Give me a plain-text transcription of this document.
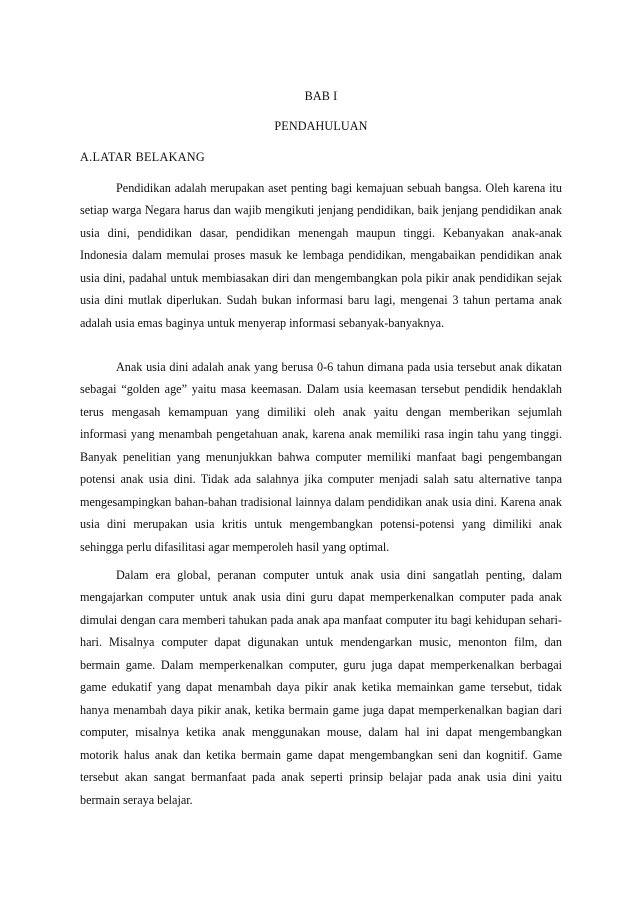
BAB I
PENDAHULUAN
A.LATAR BELAKANG

Pendidikan adalah merupakan aset penting bagi kemajuan sebuah bangsa. Oleh karena itu setiap warga Negara harus dan wajib mengikuti jenjang pendidikan, baik jenjang pendidikan anak usia dini, pendidikan dasar, pendidikan menengah maupun tinggi. Kebanyakan anak-anak Indonesia dalam memulai proses masuk ke lembaga pendidikan, mengabaikan pendidikan anak usia dini, padahal untuk membiasakan diri dan mengembangkan pola pikir anak pendidikan sejak usia dini mutlak diperlukan. Sudah bukan informasi baru lagi, mengenai 3 tahun pertama anak adalah usia emas baginya untuk menyerap informasi sebanyak-banyaknya.

Anak usia dini adalah anak yang berusa 0-6 tahun dimana pada usia tersebut anak dikatan sebagai “golden age” yaitu masa keemasan. Dalam usia keemasan tersebut pendidik hendaklah terus mengasah kemampuan yang dimiliki oleh anak yaitu dengan memberikan sejumlah informasi yang menambah pengetahuan anak, karena anak memiliki rasa ingin tahu yang tinggi. Banyak penelitian yang menunjukkan bahwa computer memiliki manfaat bagi pengembangan potensi anak usia dini. Tidak ada salahnya jika computer menjadi salah satu alternative tanpa mengesampingkan bahan-bahan tradisional lainnya dalam pendidikan anak usia dini. Karena anak usia dini merupakan usia kritis untuk mengembangkan potensi-potensi yang dimiliki anak sehingga perlu difasilitasi agar memperoleh hasil yang optimal.

Dalam era global, peranan computer untuk anak usia dini sangatlah penting, dalam mengajarkan computer untuk anak usia dini guru dapat memperkenalkan computer pada anak dimulai dengan cara memberi tahukan pada anak apa manfaat computer itu bagi kehidupan sehari-hari. Misalnya computer dapat digunakan untuk mendengarkan music, menonton film, dan bermain game. Dalam memperkenalkan computer, guru juga dapat memperkenalkan berbagai game edukatif yang dapat menambah daya pikir anak ketika memainkan game tersebut, tidak hanya menambah daya pikir anak, ketika bermain game juga dapat memperkenalkan bagian dari computer, misalnya ketika anak menggunakan mouse, dalam hal ini dapat mengembangkan motorik halus anak dan ketika bermain game dapat mengembangkan seni dan kognitif. Game tersebut akan sangat bermanfaat pada anak seperti prinsip belajar pada anak usia dini yaitu bermain seraya belajar.
